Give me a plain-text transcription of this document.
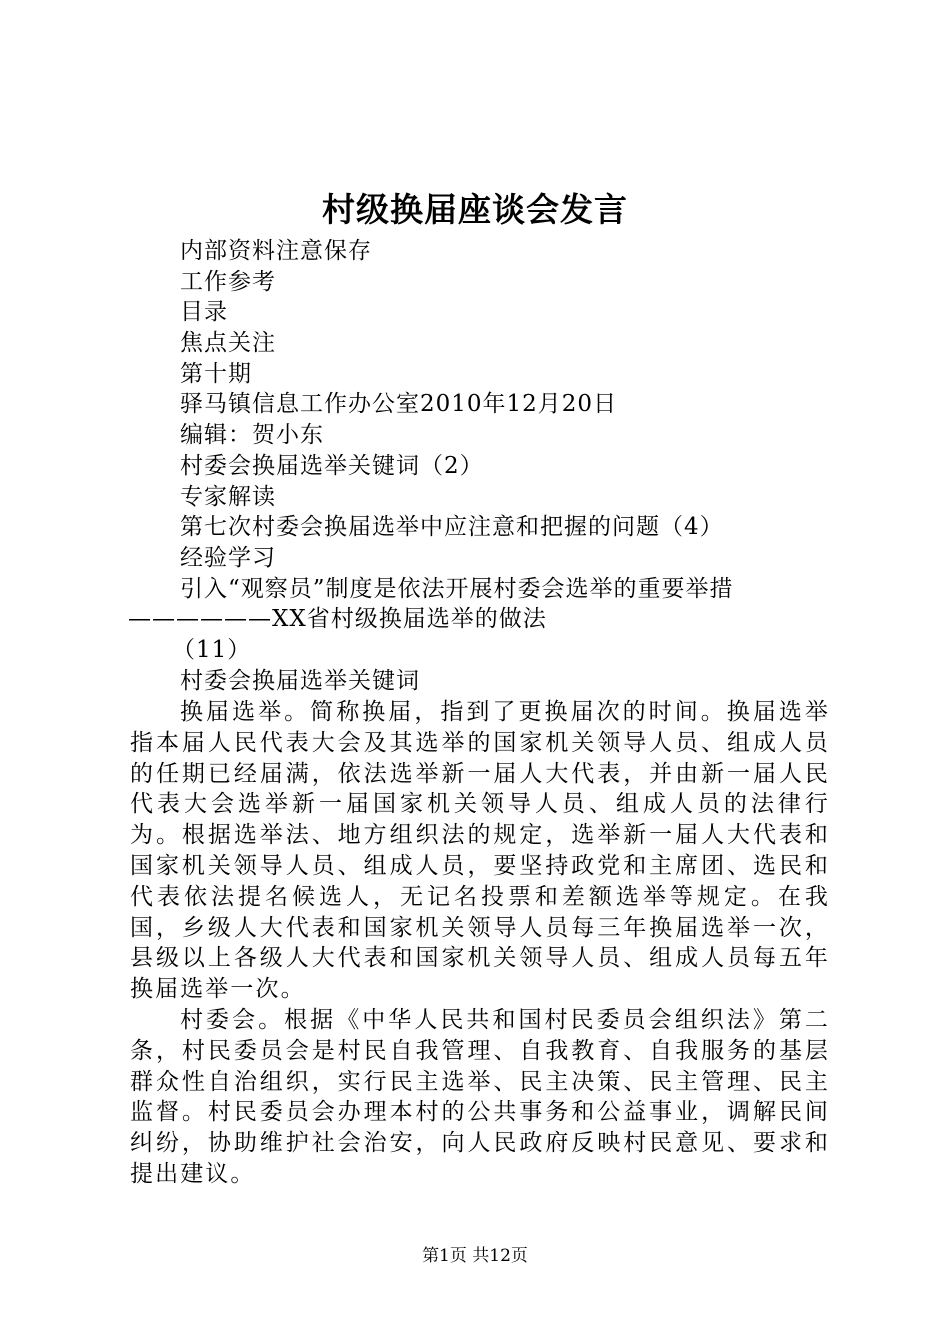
村级换届座谈会发言
内部资料注意保存
工作参考
目录
焦点关注
第十期
驿马镇信息工作办公室2010年12月20日
编辑：贺小东
村委会换届选举关键词（2）
专家解读
第七次村委会换届选举中应注意和把握的问题（4）
经验学习
引入“观察员”制度是依法开展村委会选举的重要举措
——————XX省村级换届选举的做法
（11）
村委会换届选举关键词

换届选举。简称换届，指到了更换届次的时间。换届选举指本届人民代表大会及其选举的国家机关领导人员、组成人员的任期已经届满，依法选举新一届人大代表，并由新一届人民代表大会选举新一届国家机关领导人员、组成人员的法律行为。根据选举法、地方组织法的规定，选举新一届人大代表和国家机关领导人员、组成人员，要坚持政党和主席团、选民和代表依法提名候选人，无记名投票和差额选举等规定。在我国，乡级人大代表和国家机关领导人员每三年换届选举一次，县级以上各级人大代表和国家机关领导人员、组成人员每五年换届选举一次。

村委会。根据《中华人民共和国村民委员会组织法》第二条，村民委员会是村民自我管理、自我教育、自我服务的基层群众性自治组织，实行民主选举、民主决策、民主管理、民主监督。村民委员会办理本村的公共事务和公益事业，调解民间纠纷，协助维护社会治安，向人民政府反映村民意见、要求和提出建议。

第1页 共12页
